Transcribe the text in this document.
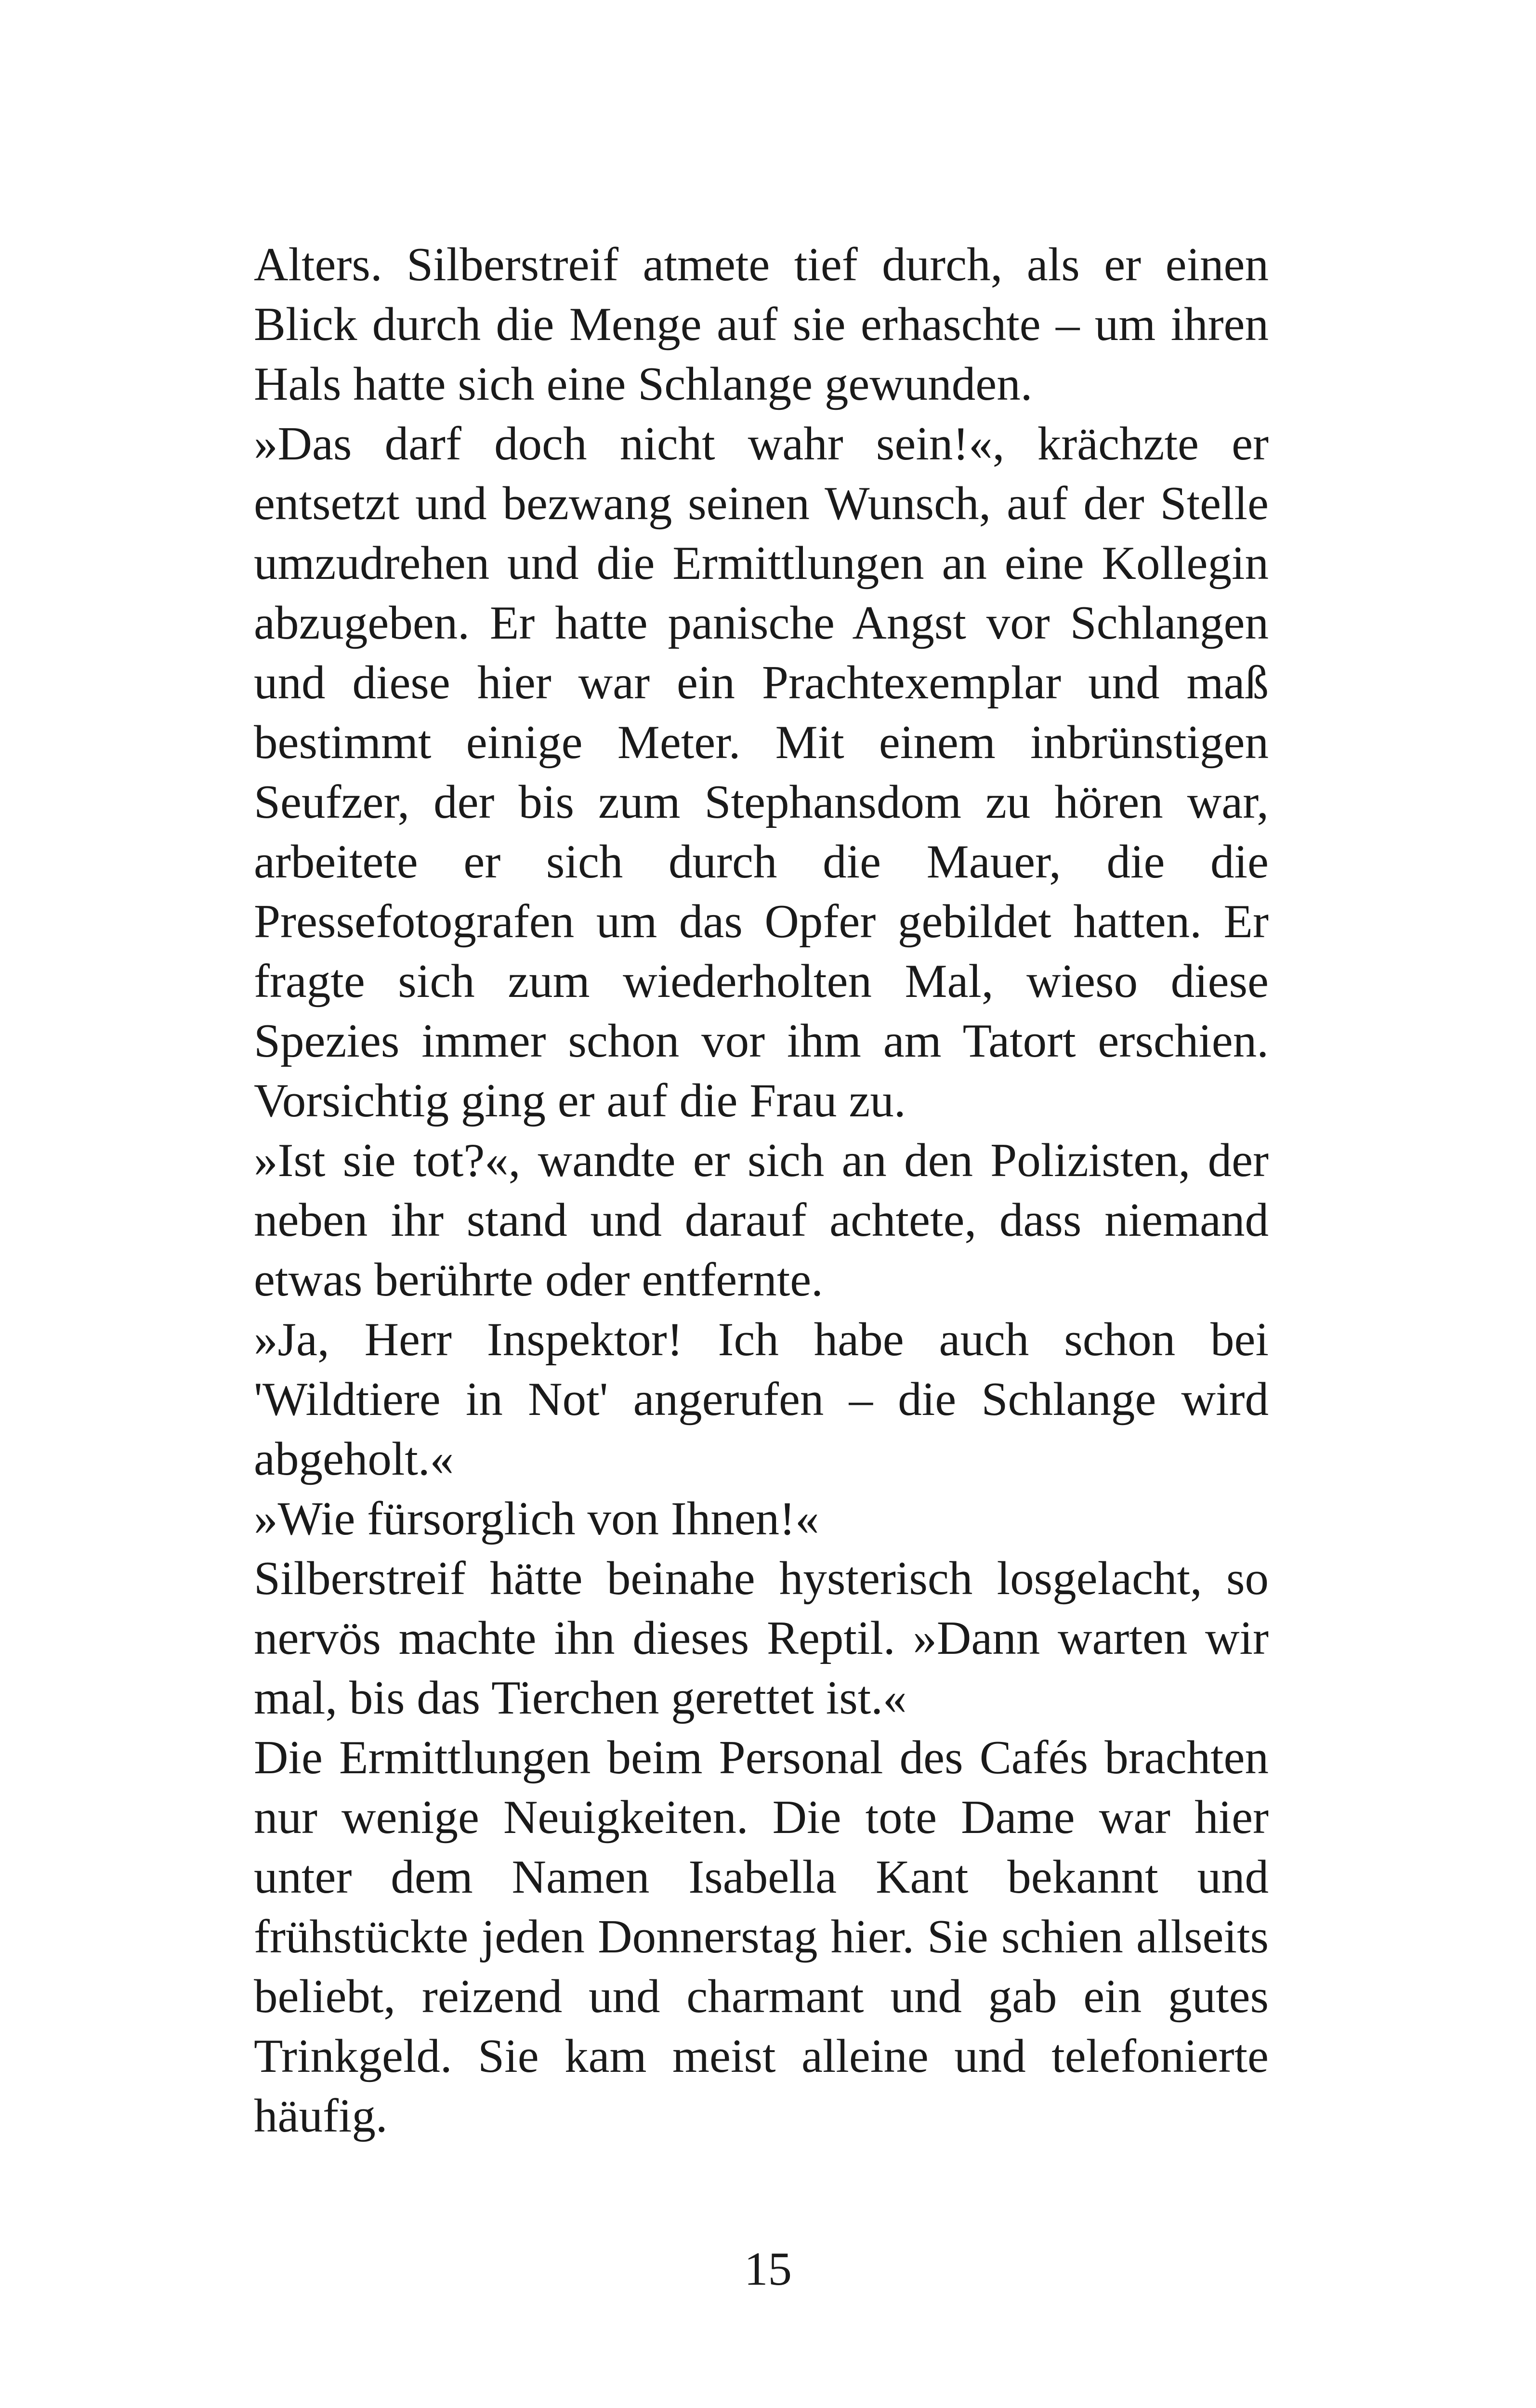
Alters. Silberstreif atmete tief durch, als er einen
Blick durch die Menge auf sie erhaschte – um ihren
Hals hatte sich eine Schlange gewunden.
»Das darf doch nicht wahr sein!«, krächzte er
entsetzt und bezwang seinen Wunsch, auf der Stelle
umzudrehen und die Ermittlungen an eine Kollegin
abzugeben. Er hatte panische Angst vor Schlangen
und diese hier war ein Prachtexemplar und maß
bestimmt einige Meter. Mit einem inbrünstigen
Seufzer, der bis zum Stephansdom zu hören war,
arbeitete er sich durch die Mauer, die die
Pressefotografen um das Opfer gebildet hatten. Er
fragte sich zum wiederholten Mal, wieso diese
Spezies immer schon vor ihm am Tatort erschien.
Vorsichtig ging er auf die Frau zu.
»Ist sie tot?«, wandte er sich an den Polizisten, der
neben ihr stand und darauf achtete, dass niemand
etwas berührte oder entfernte.
»Ja, Herr Inspektor! Ich habe auch schon bei
'Wildtiere in Not' angerufen – die Schlange wird
abgeholt.«
»Wie fürsorglich von Ihnen!«
Silberstreif hätte beinahe hysterisch losgelacht, so
nervös machte ihn dieses Reptil. »Dann warten wir
mal, bis das Tierchen gerettet ist.«
Die Ermittlungen beim Personal des Cafés brachten
nur wenige Neuigkeiten. Die tote Dame war hier
unter dem Namen Isabella Kant bekannt und
frühstückte jeden Donnerstag hier. Sie schien allseits
beliebt, reizend und charmant und gab ein gutes
Trinkgeld. Sie kam meist alleine und telefonierte
häufig.
15
